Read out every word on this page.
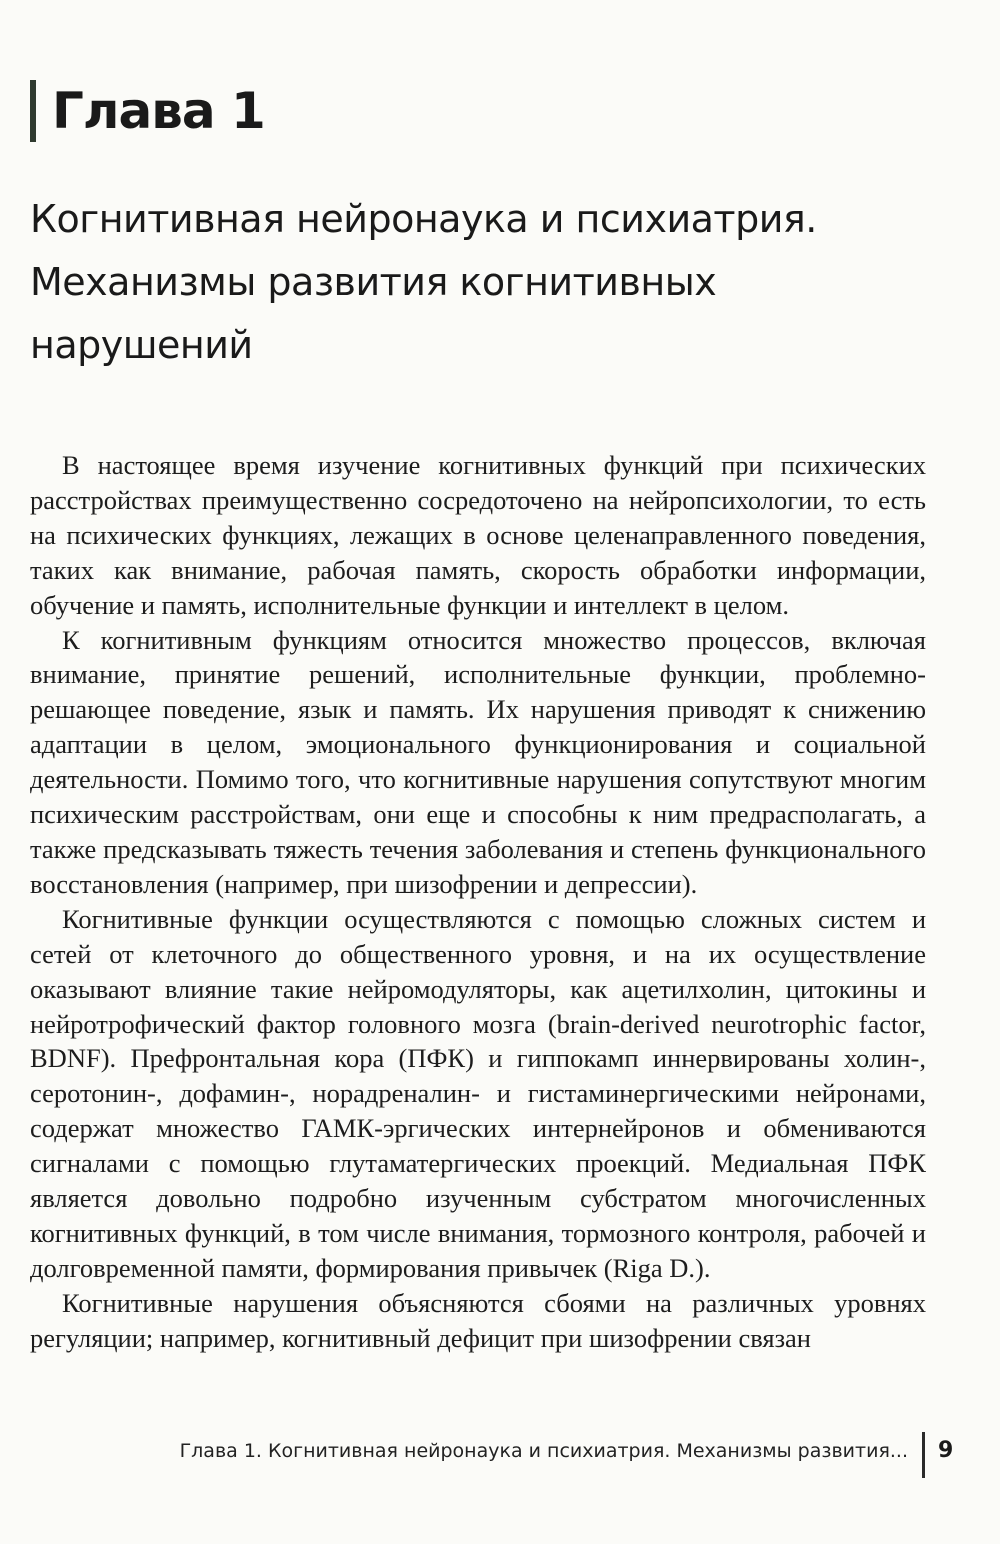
Глава 1
Когнитивная нейронаука и психиатрия.
Механизмы развития когнитивных
нарушений

В настоящее время изучение когнитивных функций при психических расстройствах преимущественно сосредоточено на нейропсихологии, то есть на психических функциях, лежащих в основе целенаправленного поведения, таких как внимание, рабочая память, скорость обработки информации, обучение и память, исполнительные функции и интеллект в целом.

К когнитивным функциям относится множество процессов, включая внимание, принятие решений, исполнительные функции, проблемно-решающее поведение, язык и память. Их нарушения приводят к снижению адаптации в целом, эмоционального функционирования и социальной деятельности. Помимо того, что когнитивные нарушения сопутствуют многим психическим расстройствам, они еще и способны к ним предрасполагать, а также предсказывать тяжесть течения заболевания и степень функционального восстановления (например, при шизофрении и депрессии).

Когнитивные функции осуществляются с помощью сложных систем и сетей от клеточного до общественного уровня, и на их осуществление оказывают влияние такие нейромодуляторы, как ацетилхолин, цитокины и нейротрофический фактор головного мозга (brain-derived neurotrophic factor, BDNF). Префронтальная кора (ПФК) и гиппокамп иннервированы холин-, серотонин-, дофамин-, норадреналин- и гистаминергическими нейронами, содержат множество ГАМК-эргических интернейронов и обмениваются сигналами с помощью глутаматергических проекций. Медиальная ПФК является довольно подробно изученным субстратом многочисленных когнитивных функций, в том числе внимания, тормозного контроля, рабочей и долговременной памяти, формирования привычек (Riga D.).

Когнитивные нарушения объясняются сбоями на различных уровнях регуляции; например, когнитивный дефицит при шизофрении связан

Глава 1. Когнитивная нейронаука и психиатрия. Механизмы развития... 9
